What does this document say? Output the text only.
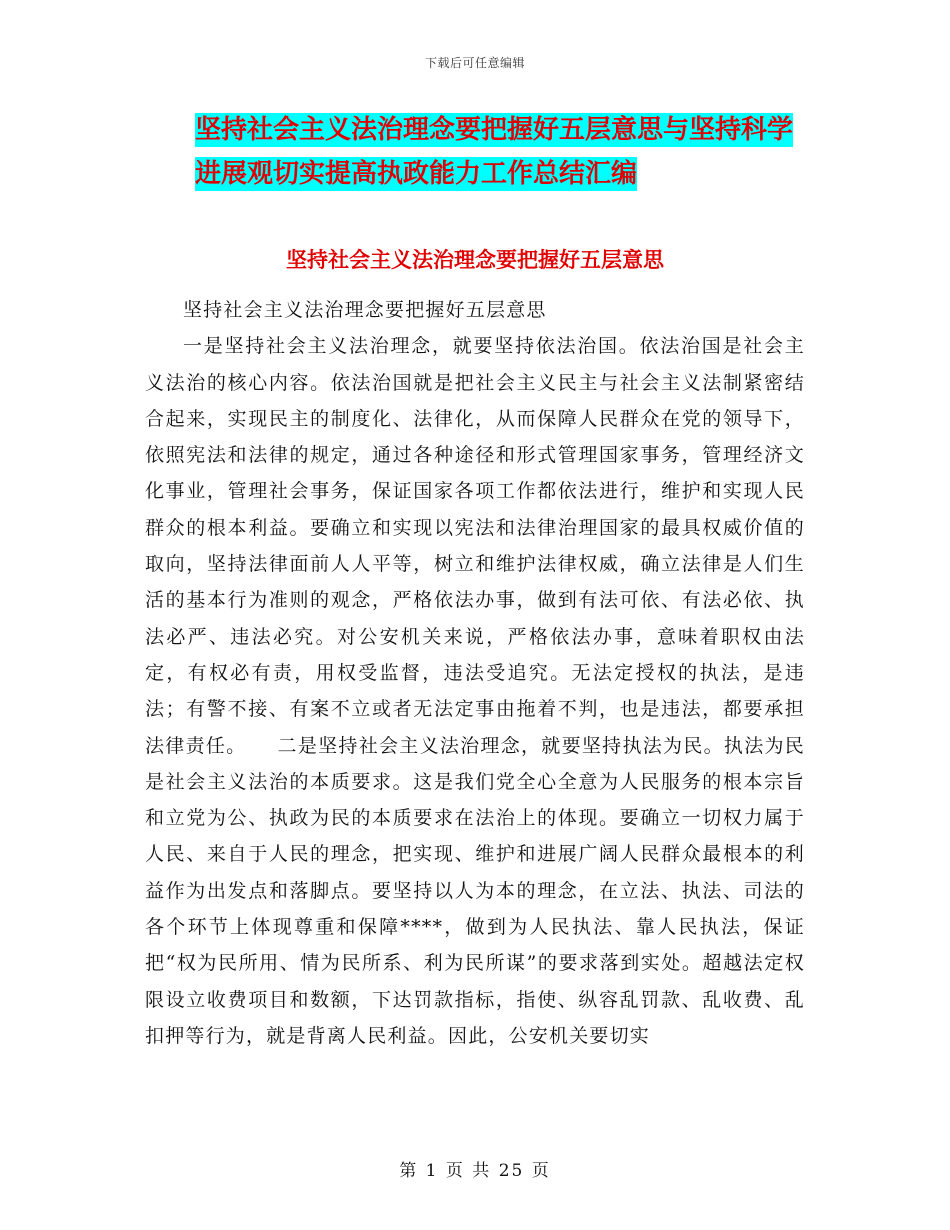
下载后可任意编辑
坚持社会主义法治理念要把握好五层意思与坚持科学
进展观切实提高执政能力工作总结汇编
坚持社会主义法治理念要把握好五层意思

坚持社会主义法治理念要把握好五层意思

一是坚持社会主义法治理念，就要坚持依法治国。依法治国是社会主义法治的核心内容。依法治国就是把社会主义民主与社会主义法制紧密结合起来，实现民主的制度化、法律化，从而保障人民群众在党的领导下，依照宪法和法律的规定，通过各种途径和形式管理国家事务，管理经济文化事业，管理社会事务，保证国家各项工作都依法进行，维护和实现人民群众的根本利益。要确立和实现以宪法和法律治理国家的最具权威价值的取向，坚持法律面前人人平等，树立和维护法律权威，确立法律是人们生活的基本行为准则的观念，严格依法办事，做到有法可依、有法必依、执法必严、违法必究。对公安机关来说，严格依法办事，意味着职权由法定，有权必有责，用权受监督，违法受追究。无法定授权的执法，是违法；有警不接、有案不立或者无法定事由拖着不判，也是违法，都要承担法律责任。　　二是坚持社会主义法治理念，就要坚持执法为民。执法为民是社会主义法治的本质要求。这是我们党全心全意为人民服务的根本宗旨和立党为公、执政为民的本质要求在法治上的体现。要确立一切权力属于人民、来自于人民的理念，把实现、维护和进展广阔人民群众最根本的利益作为出发点和落脚点。要坚持以人为本的理念，在立法、执法、司法的各个环节上体现尊重和保障****，做到为人民执法、靠人民执法，保证把“权为民所用、情为民所系、利为民所谋”的要求落到实处。超越法定权限设立收费项目和数额，下达罚款指标，指使、纵容乱罚款、乱收费、乱扣押等行为，就是背离人民利益。因此，公安机关要切实

第 1 页 共 25 页
